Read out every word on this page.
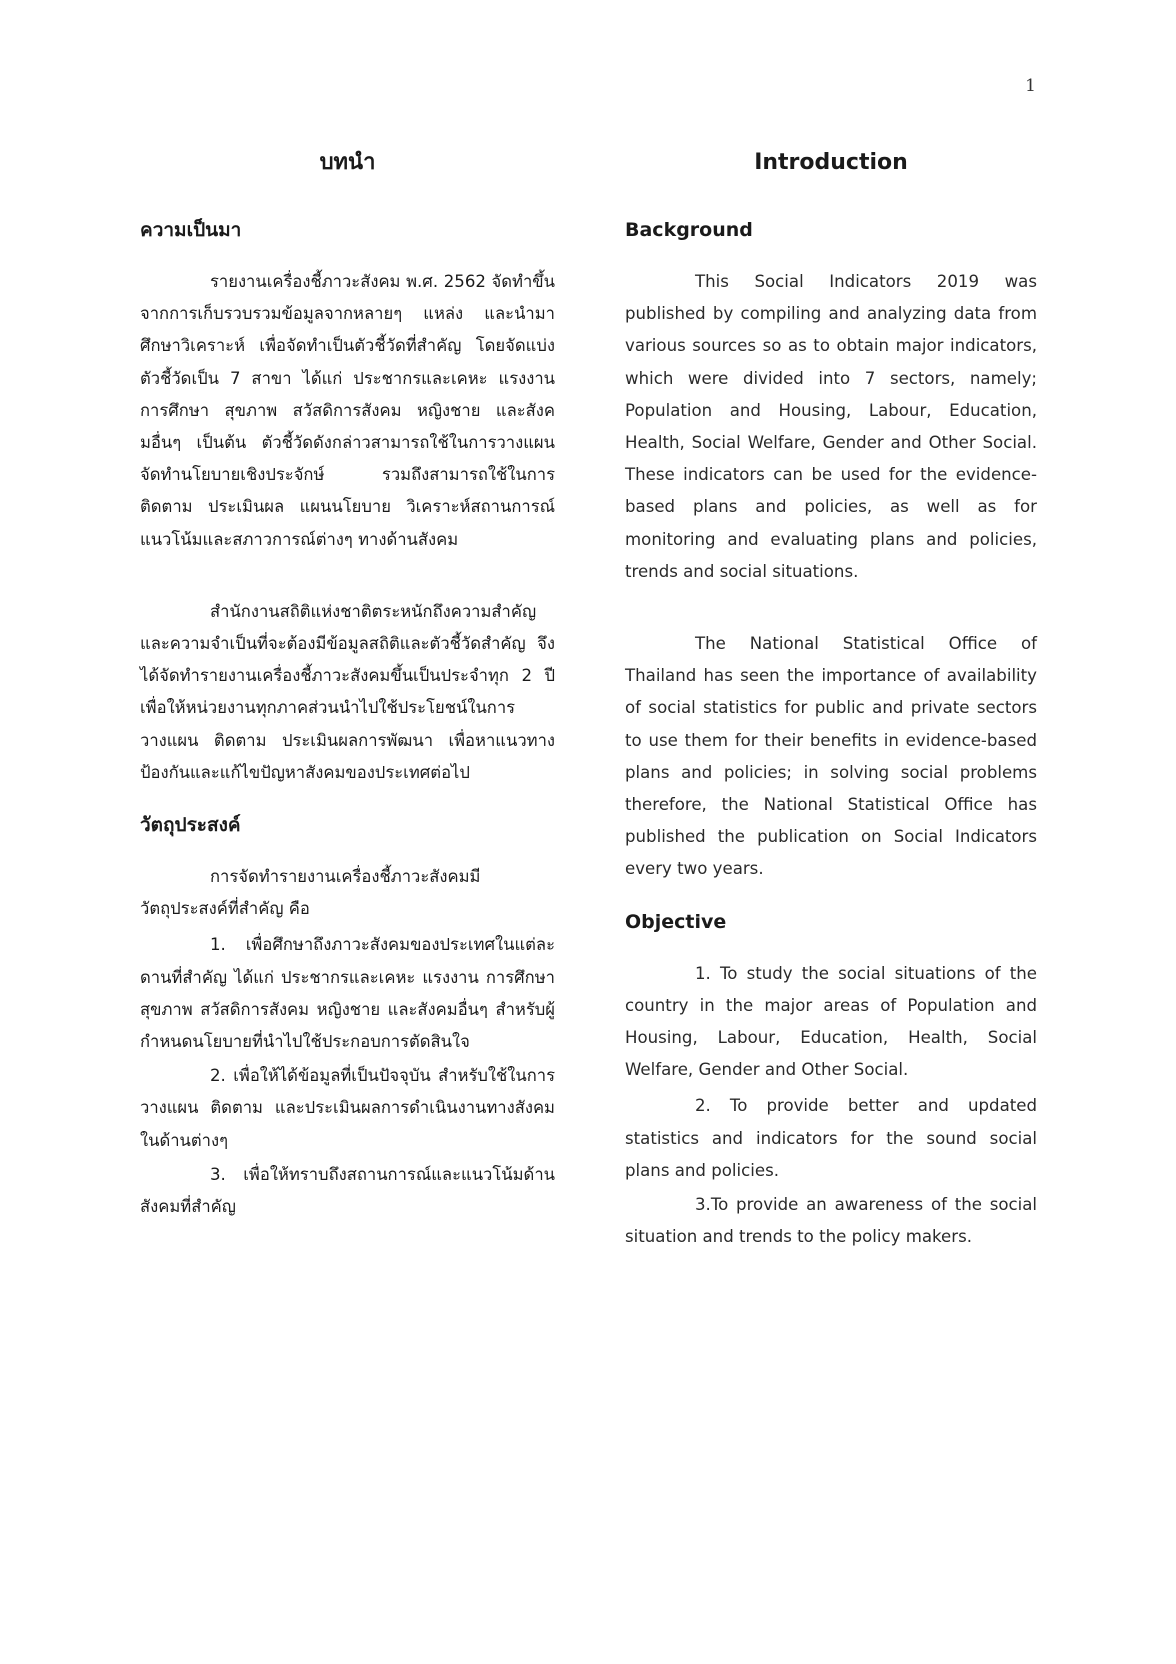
1
บทนำ
ความเป็นมา

รายงานเครื่องชี้ภาวะสังคม พ.ศ. 2562 จัดทำขึ้นจากการเก็บรวบรวมข้อมูลจากหลายๆ แหล่ง และนำมาศึกษาวิเคราะห์ เพื่อจัดทำเป็นตัวชี้วัดที่สำคัญ โดยจัดแบ่งตัวชี้วัดเป็น 7 สาขา ได้แก่ ประชากรและเคหะ แรงงาน การศึกษา สุขภาพ สวัสดิการสังคม หญิงชาย และสังคมอื่นๆ เป็นต้น ตัวชี้วัดดังกล่าวสามารถใช้ในการวางแผน จัดทำนโยบายเชิงประจักษ์ รวมถึงสามารถใช้ในการติดตาม ประเมินผล แผนนโยบาย วิเคราะห์สถานการณ์ แนวโน้มและสภาวการณ์ต่างๆ ทางด้านสังคม

สำนักงานสถิติแห่งชาติตระหนักถึงความสำคัญและความจำเป็นที่จะต้องมีข้อมูลสถิติและตัวชี้วัดสำคัญ จึงได้จัดทำรายงานเครื่องชี้ภาวะสังคมขึ้นเป็นประจำทุก 2 ปี เพื่อให้หน่วยงานทุกภาคส่วนนำไปใช้ประโยชน์ในการวางแผน ติดตาม ประเมินผลการพัฒนา เพื่อหาแนวทางป้องกันและแก้ไขปัญหาสังคมของประเทศต่อไป

วัตถุประสงค์

การจัดทำรายงานเครื่องชี้ภาวะสังคมมีวัตถุประสงค์ที่สำคัญ คือ

1. เพื่อศึกษาถึงภาวะสังคมของประเทศในแต่ละดานที่สำคัญ ได้แก่ ประชากรและเคหะ แรงงาน การศึกษา สุขภาพ สวัสดิการสังคม หญิงชาย และสังคมอื่นๆ สำหรับผู้กำหนดนโยบายที่นำไปใช้ประกอบการตัดสินใจ

2. เพื่อให้ได้ข้อมูลที่เป็นปัจจุบัน สำหรับใช้ในการวางแผน ติดตาม และประเมินผลการดำเนินงานทางสังคมในด้านต่างๆ

3. เพื่อให้ทราบถึงสถานการณ์และแนวโน้มด้านสังคมที่สำคัญ

Introduction
Background

This Social Indicators 2019 was published by compiling and analyzing data from various sources so as to obtain major indicators, which were divided into 7 sectors, namely; Population and Housing, Labour, Education, Health, Social Welfare, Gender and Other Social. These indicators can be used for the evidence-based plans and policies, as well as for monitoring and evaluating plans and policies, trends and social situations.

The National Statistical Office of Thailand has seen the importance of availability of social statistics for public and private sectors to use them for their benefits in evidence-based plans and policies; in solving social problems therefore, the National Statistical Office has published the publication on Social Indicators every two years.

Objective

1. To study the social situations of the country in the major areas of Population and Housing, Labour, Education, Health, Social Welfare, Gender and Other Social.

2. To provide better and updated statistics and indicators for the sound social plans and policies.

3.To provide an awareness of the social situation and trends to the policy makers.
